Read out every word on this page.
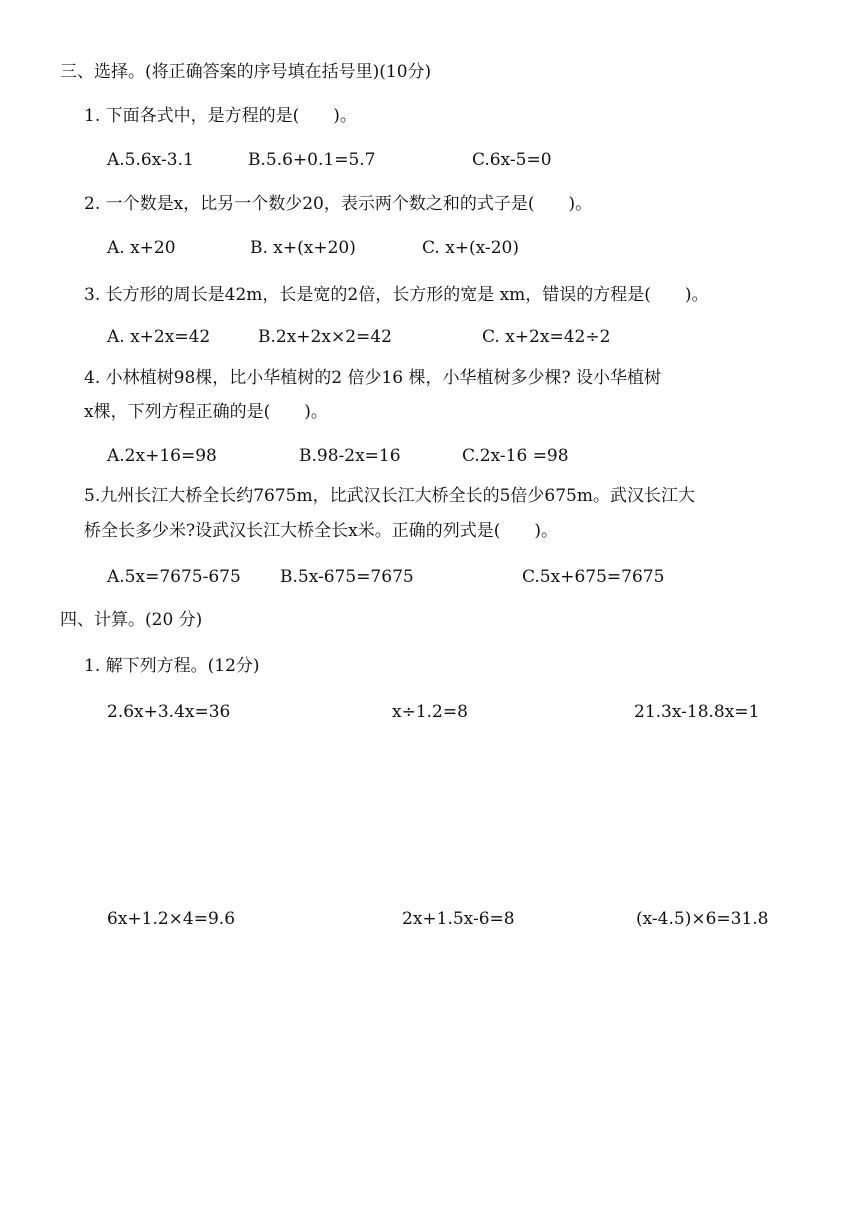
三、选择。(将正确答案的序号填在括号里)(10分)
1. 下面各式中，是方程的是(　　)。
A.5.6x-3.1	B.5.6+0.1=5.7	C.6x-5=0
2. 一个数是x，比另一个数少20，表示两个数之和的式子是(　　)。
A. x+20	B. x+(x+20)	C. x+(x-20)
3. 长方形的周长是42m，长是宽的2倍，长方形的宽是 xm，错误的方程是(　　)。
A. x+2x=42	B.2x+2x×2=42	C. x+2x=42÷2
4. 小林植树98棵，比小华植树的2 倍少16 棵，小华植树多少棵? 设小华植树
x棵，下列方程正确的是(　　)。
A.2x+16=98	B.98-2x=16	C.2x-16 =98
5.九州长江大桥全长约7675m，比武汉长江大桥全长的5倍少675m。武汉长江大
桥全长多少米?设武汉长江大桥全长x米。正确的列式是(　　)。
A.5x=7675-675 B.5x-675=7675	C.5x+675=7675
四、计算。(20 分)
1. 解下列方程。(12分)
2.6x+3.4x=36	x÷1.2=8	21.3x-18.8x=1
6x+1.2×4=9.6	2x+1.5x-6=8	(x-4.5)×6=31.8
